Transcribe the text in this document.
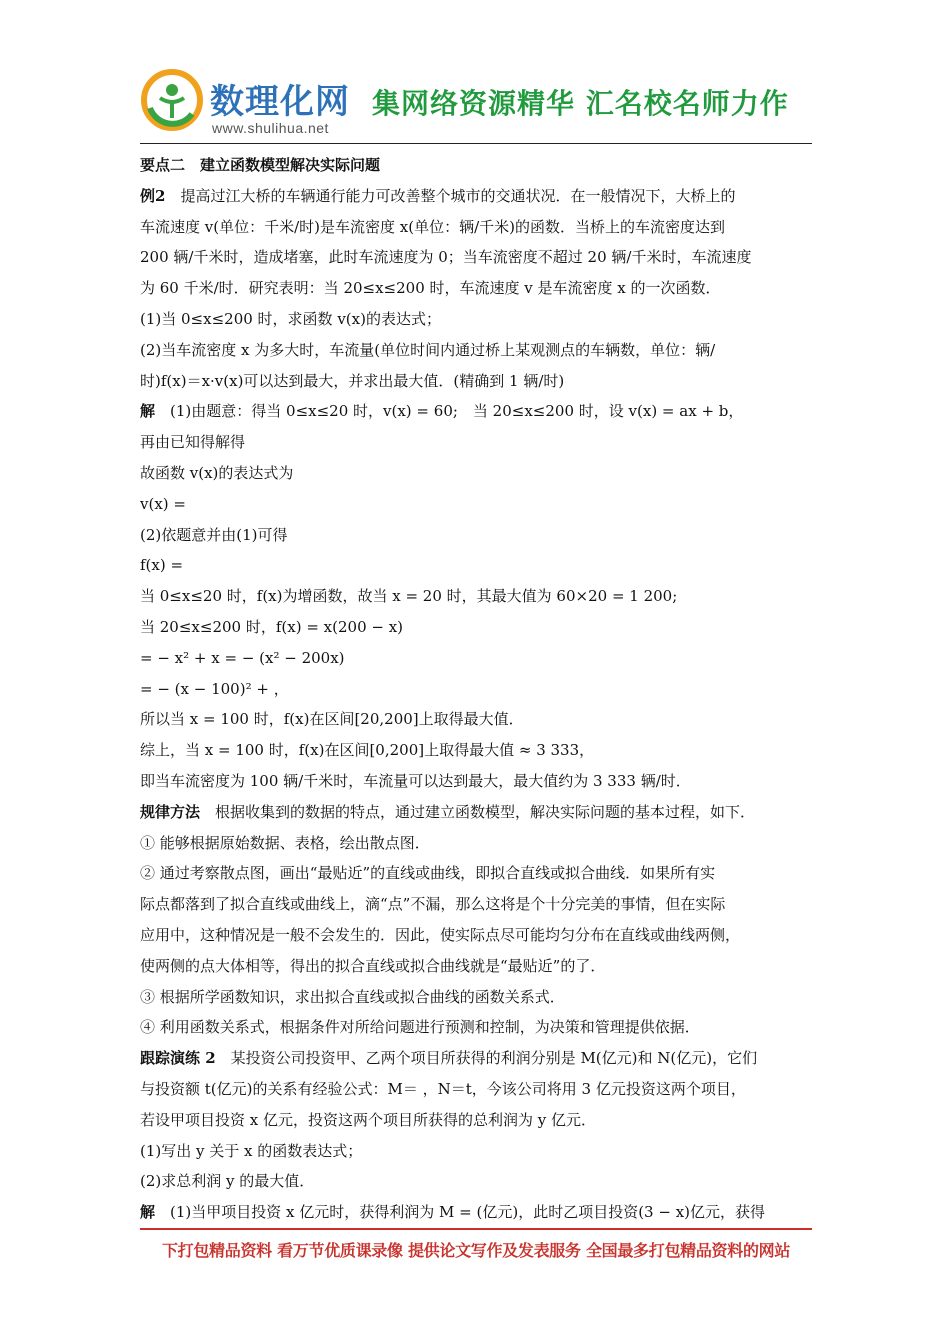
数理化网
www.shulihua.net
集网络资源精华 汇名校名师力作
要点二　建立函数模型解决实际问题
例2　提高过江大桥的车辆通行能力可改善整个城市的交通状况．在一般情况下，大桥上的
车流速度 v(单位：千米/时)是车流密度 x(单位：辆/千米)的函数．当桥上的车流密度达到
200 辆/千米时，造成堵塞，此时车流速度为 0；当车流密度不超过 20 辆/千米时，车流速度
为 60 千米/时．研究表明：当 20≤x≤200 时，车流速度 v 是车流密度 x 的一次函数．
(1)当 0≤x≤200 时，求函数 v(x)的表达式；
(2)当车流密度 x 为多大时，车流量(单位时间内通过桥上某观测点的车辆数，单位：辆/
时)f(x)＝x·v(x)可以达到最大，并求出最大值．(精确到 1 辆/时)
解　(1)由题意：得当 0≤x≤20 时，v(x) = 60;　当 20≤x≤200 时，设 v(x) = ax + b，
再由已知得解得
故函数 v(x)的表达式为
v(x) =
(2)依题意并由(1)可得
f(x) =
当 0≤x≤20 时，f(x)为增函数，故当 x = 20 时，其最大值为 60×20 = 1 200;
当 20≤x≤200 时，f(x) = x(200 − x)
= − x² + x = − (x² − 200x)
= − (x − 100)² + ，
所以当 x = 100 时，f(x)在区间[20,200]上取得最大值．
综上，当 x = 100 时，f(x)在区间[0,200]上取得最大值 ≈ 3 333，
即当车流密度为 100 辆/千米时，车流量可以达到最大，最大值约为 3 333 辆/时．
规律方法　根据收集到的数据的特点，通过建立函数模型，解决实际问题的基本过程，如下．
① 能够根据原始数据、表格，绘出散点图．
② 通过考察散点图，画出“最贴近”的直线或曲线，即拟合直线或拟合曲线．如果所有实
际点都落到了拟合直线或曲线上，滴“点”不漏，那么这将是个十分完美的事情，但在实际
应用中，这种情况是一般不会发生的．因此，使实际点尽可能均匀分布在直线或曲线两侧，
使两侧的点大体相等，得出的拟合直线或拟合曲线就是“最贴近”的了．
③ 根据所学函数知识，求出拟合直线或拟合曲线的函数关系式．
④ 利用函数关系式，根据条件对所给问题进行预测和控制，为决策和管理提供依据．
跟踪演练 2　某投资公司投资甲、乙两个项目所获得的利润分别是 M(亿元)和 N(亿元)，它们
与投资额 t(亿元)的关系有经验公式：M＝ ，N＝t，今该公司将用 3 亿元投资这两个项目，
若设甲项目投资 x 亿元，投资这两个项目所获得的总利润为 y 亿元．
(1)写出 y 关于 x 的函数表达式；
(2)求总利润 y 的最大值．
解　(1)当甲项目投资 x 亿元时，获得利润为 M = (亿元)，此时乙项目投资(3 − x)亿元，获得
下打包精品资料 看万节优质课录像 提供论文写作及发表服务 全国最多打包精品资料的网站
